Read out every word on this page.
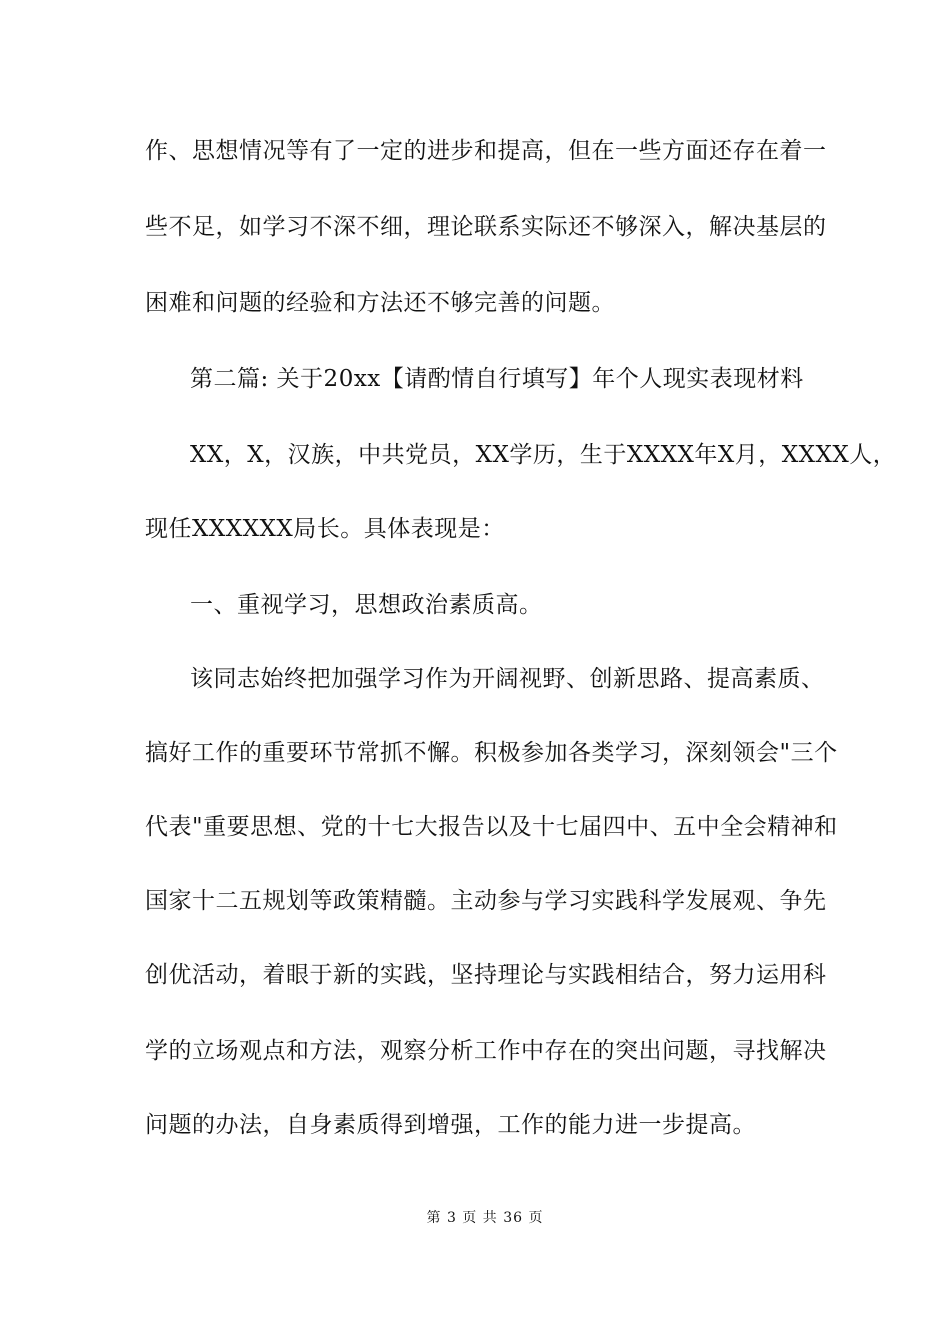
作、思想情况等有了一定的进步和提高，但在一些方面还存在着一
些不足，如学习不深不细，理论联系实际还不够深入，解决基层的
困难和问题的经验和方法还不够完善的问题。
第二篇: 关于20xx【请酌情自行填写】年个人现实表现材料
XX，X，汉族，中共党员，XX学历，生于XXXX年X月，XXXX人，
现任XXXXXX局长。具体表现是：
一、重视学习，思想政治素质高。
该同志始终把加强学习作为开阔视野、创新思路、提高素质、
搞好工作的重要环节常抓不懈。积极参加各类学习，深刻领会"三个
代表"重要思想、党的十七大报告以及十七届四中、五中全会精神和
国家十二五规划等政策精髓。主动参与学习实践科学发展观、争先
创优活动，着眼于新的实践，坚持理论与实践相结合，努力运用科
学的立场观点和方法，观察分析工作中存在的突出问题，寻找解决
问题的办法，自身素质得到增强，工作的能力进一步提高。
第 3 页 共 36 页
